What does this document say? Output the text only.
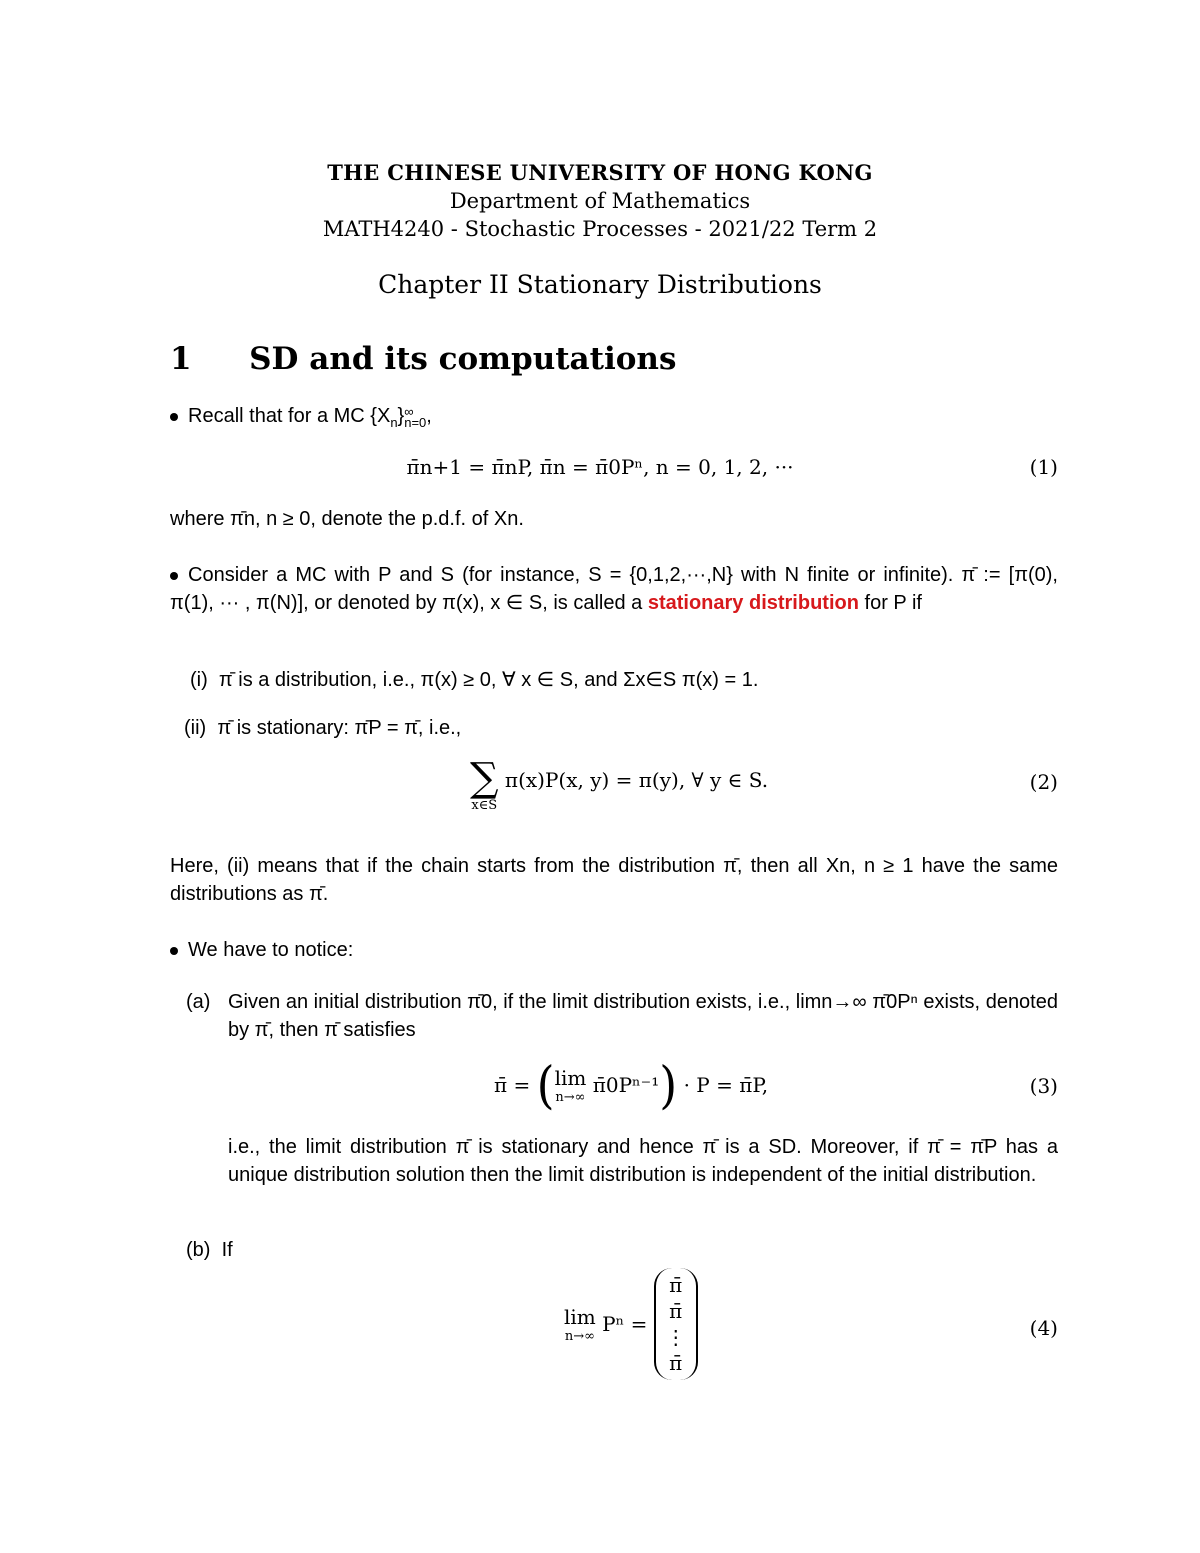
THE CHINESE UNIVERSITY OF HONG KONG
Department of Mathematics
MATH4240 - Stochastic Processes - 2021/22 Term 2
Chapter II Stationary Distributions
1 SD and its computations
Recall that for a MC $\{X_n\}$ ∞
n=0 ,
π̄n+1 = π̄nP, π̄n = π̄0Pⁿ, n = 0, 1, 2, ···	(1)
where π̄n, n ≥ 0, denote the p.d.f. of Xn.
Consider a MC with P and S (for instance, S = {0,1,2,···,N} with N finite or infinite). π̄ := [π(0), π(1), ··· , π(N)], or denoted by π(x), x ∈ S, is called a stationary distribution for P if
(i) π̄ is a distribution, i.e., π(x) ≥ 0, ∀ x ∈ S, and Σx∈S π(x) = 1.
(ii) π̄ is stationary: π̄P = π̄, i.e.,
∑
x∈S
π(x)P(x, y) = π(y), ∀ y ∈ S.	(2)
Here, (ii) means that if the chain starts from the distribution π̄, then all Xn, n ≥ 1 have the same distributions as π̄.
We have to notice:
(a) Given an initial distribution π̄0, if the limit distribution exists, i.e., limn→∞ π̄0Pⁿ exists, denoted by π̄, then π̄ satisfies
π̄ = ( lim
n→∞ π̄0Pⁿ⁻¹) · P = π̄P,	(3)
i.e., the limit distribution π̄ is stationary and hence π̄ is a SD. Moreover, if π̄ = π̄P has a unique distribution solution then the limit distribution is independent of the initial distribution.
(b) If
lim
n→∞ Pⁿ =
π̄
π̄
⋮
π̄
(4)
